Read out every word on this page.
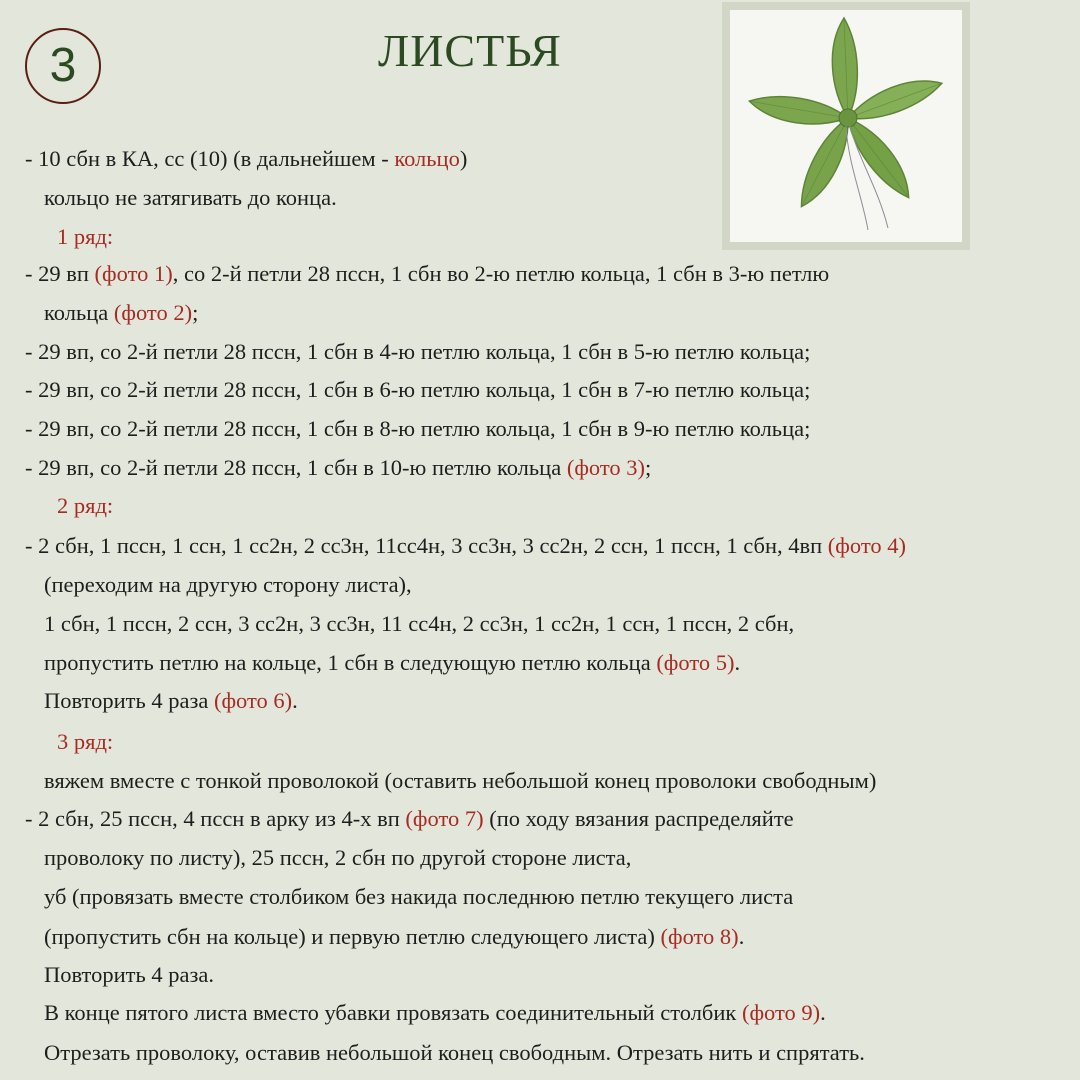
3	ЛИСТЬЯ
- 10 сбн в КА, сс (10) (в дальнейшем - кольцо)
кольцо не затягивать до конца.
1 ряд:
- 29 вп (фото 1), со 2-й петли 28 пссн, 1 сбн во 2-ю петлю кольца, 1 сбн в 3-ю петлю
кольца (фото 2);
- 29 вп, со 2-й петли 28 пссн, 1 сбн в 4-ю петлю кольца, 1 сбн в 5-ю петлю кольца;
- 29 вп, со 2-й петли 28 пссн, 1 сбн в 6-ю петлю кольца, 1 сбн в 7-ю петлю кольца;
- 29 вп, со 2-й петли 28 пссн, 1 сбн в 8-ю петлю кольца, 1 сбн в 9-ю петлю кольца;
- 29 вп, со 2-й петли 28 пссн, 1 сбн в 10-ю петлю кольца (фото 3);
2 ряд:
- 2 сбн, 1 пссн, 1 ссн, 1 сс2н, 2 сс3н, 11сс4н, 3 сс3н, 3 сс2н, 2 ссн, 1 пссн, 1 сбн, 4вп (фото 4)
(переходим на другую сторону листа),
1 сбн, 1 пссн, 2 ссн, 3 сс2н, 3 сс3н, 11 сс4н, 2 сс3н, 1 сс2н, 1 ссн, 1 пссн, 2 сбн,
пропустить петлю на кольце, 1 сбн в следующую петлю кольца (фото 5).
Повторить 4 раза (фото 6).
3 ряд:
вяжем вместе с тонкой проволокой (оставить небольшой конец проволоки свободным)
- 2 сбн, 25 пссн, 4 пссн в арку из 4-х вп (фото 7) (по ходу вязания распределяйте
проволоку по листу), 25 пссн, 2 сбн по другой стороне листа,
уб (провязать вместе столбиком без накида последнюю петлю текущего листа
(пропустить сбн на кольце) и первую петлю следующего листа) (фото 8).
Повторить 4 раза.
В конце пятого листа вместо убавки провязать соединительный столбик (фото 9).
Отрезать проволоку, оставив небольшой конец свободным. Отрезать нить и спрятать.
